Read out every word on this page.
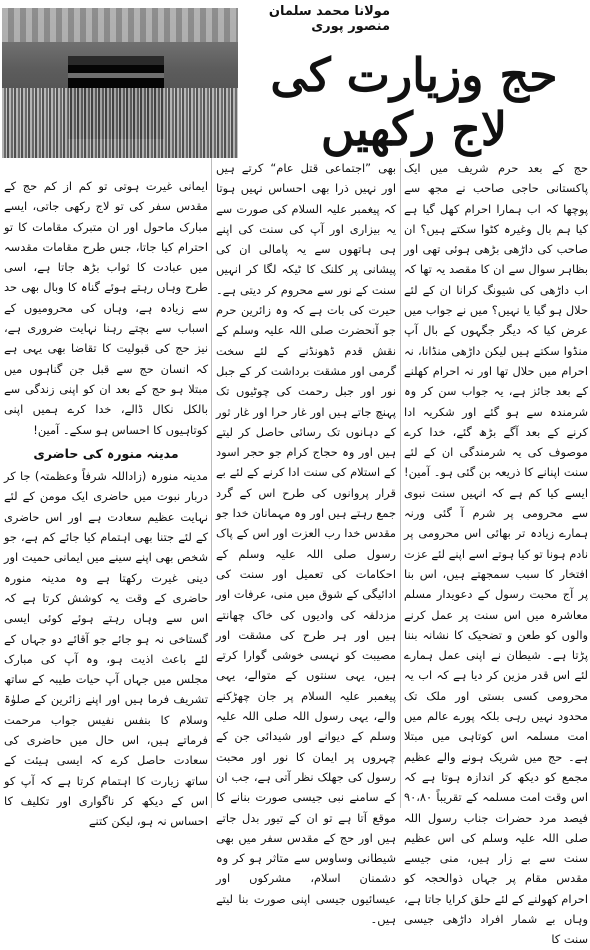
مولانا محمد سلمان منصور پوری
حج وزیارت کی لاج رکھیں

حج کے بعد حرم شریف میں ایک پاکستانی حاجی صاحب نے مجھ سے پوچھا کہ اب ہمارا احرام کھل گیا ہے کیا ہم بال وغیرہ کٹوا سکتے ہیں؟ ان صاحب کی داڑھی بڑھی ہوئی تھی اور بظاہر سوال سے ان کا مقصد یہ تھا کہ اب داڑھی کی شیونگ کرانا ان کے لئے حلال ہو گیا یا نہیں؟ میں نے جواب میں عرض کیا کہ دیگر جگہوں کے بال آپ منڈوا سکتے ہیں لیکن داڑھی منڈانا، نہ احرام میں حلال تھا اور نہ احرام کھلنے کے بعد جائز ہے، یہ جواب سن کر وہ شرمندہ سے ہو گئے اور شکریہ ادا کرنے کے بعد آگے بڑھ گئے، خدا کرے موصوف کی یہ شرمندگی ان کے لئے سنت اپنانے کا ذریعہ بن گئی ہو۔ آمین! ایسے کیا کم ہے کہ انہیں سنت نبوی سے محرومی پر شرم آ گئی ورنہ ہمارے زیادہ تر بھائی اس محرومی پر نادم ہونا تو کیا ہوتے اسے اپنے لئے عزت افتخار کا سبب سمجھتے ہیں، اس بنا پر آج محبت رسول کے دعویدار مسلم معاشرہ میں اس سنت پر عمل کرنے والوں کو طعن و تضحیک کا نشانہ بننا پڑتا ہے۔ شیطان نے اپنی عمل ہمارے لئے اس قدر مزین کر دیا ہے کہ اب یہ محرومی کسی بستی اور ملک تک محدود نہیں رہی بلکہ پورے عالم میں امت مسلمہ اس کوتاہی میں مبتلا ہے۔ حج میں شریک ہونے والے عظیم مجمع کو دیکھ کر اندازہ ہوتا ہے کہ اس وقت امت مسلمہ کے تقریباً ۹۰،۸۰ فیصد مرد حضرات جناب رسول اللہ صلی اللہ علیہ وسلم کی اس عظیم سنت سے بے زار ہیں، منی جیسے مقدس مقام پر جہاں ذوالحجہ کو احرام کھولنے کے لئے حلق کرایا جاتا ہے، وہاں بے شمار افراد داڑھی جیسی سنت کا

بھی ”اجتماعی قتل عام“ کرتے ہیں اور نہیں ذرا بھی احساس نہیں ہوتا کہ پیغمبر علیہ السلام کی صورت سے یہ بیزاری اور آپ کی سنت کی اپنے ہی ہاتھوں سے یہ پامالی ان کی پیشانی پر کلنک کا ٹیکہ لگا کر انہیں سنت کے نور سے محروم کر دیتی ہے۔ حیرت کی بات ہے کہ وہ زائرین حرم جو آنحضرت صلی اللہ علیہ وسلم کے نقش قدم ڈھونڈنے کے لئے سخت گرمی اور مشقت برداشت کر کے جبل نور اور جبل رحمت کی چوٹیوں تک پہنچ جاتے ہیں اور غار حرا اور غار ثور کے دہانوں تک رسائی حاصل کر لیتے ہیں اور وہ حجاج کرام جو حجر اسود کے استلام کی سنت ادا کرنے کے لئے بے قرار پروانوں کی طرح اس کے گرد جمع رہتے ہیں اور وہ مہمانان خدا جو مقدس خدا رب العزت اور اس کے پاک رسول صلی اللہ علیہ وسلم کے احکامات کی تعمیل اور سنت کی ادائیگی کے شوق میں منی، عرفات اور مزدلفہ کی وادیوں کی خاک چھانتے ہیں اور ہر طرح کی مشقت اور مصیبت کو نہسی خوشی گوارا کرتے ہیں، یہی سنتوں کے متوالے، یہی پیغمبر علیہ السلام پر جان چھڑکنے والے، یہی رسول اللہ صلی اللہ علیہ وسلم کے دیوانے اور شیدائی جن کے چہروں پر ایمان کا نور اور محبت رسول کی جھلک نظر آتی ہے، جب ان کے سامنے نبی جیسی صورت بنانے کا موقع آتا ہے تو ان کے تیور بدل جاتے ہیں اور حج کے مقدس سفر میں بھی شیطانی وساوس سے متاثر ہو کر وہ دشمنان اسلام، مشرکوں اور عیسائیوں جیسی اپنی صورت بنا لیتے ہیں۔

ایمانی غیرت ہوتی تو کم از کم حج کے مقدس سفر کی تو لاج رکھی جاتی، ایسے مبارک ماحول اور ان متبرک مقامات کا تو احترام کیا جاتا، جس طرح مقامات مقدسہ میں عبادت کا ثواب بڑھ جاتا ہے، اسی طرح وہاں رہتے ہوئے گناہ کا وبال بھی حد سے زیادہ ہے، وہاں کی محرومیوں کے اسباب سے بچتے رہنا نہایت ضروری ہے، نیز حج کی قبولیت کا تقاضا بھی یہی ہے کہ انسان حج سے قبل جن گناہوں میں مبتلا ہو حج کے بعد ان کو اپنی زندگی سے بالکل نکال ڈالے، خدا کرے ہمیں اپنی کوتاہیوں کا احساس ہو سکے۔ آمین!

مدینہ منورہ کی حاضری

مدینہ منورہ (زاداللہ شرفاً وعظمتہ) جا کر دربار نبوت میں حاضری ایک مومن کے لئے نہایت عظیم سعادت ہے اور اس حاضری کے لئے جتنا بھی اہتمام کیا جائے کم ہے، جو شخص بھی اپنے سینے میں ایمانی حمیت اور دینی غیرت رکھتا ہے وہ مدینہ منورہ حاضری کے وقت یہ کوشش کرتا ہے کہ اس سے وہاں رہتے ہوئے کوئی ایسی گستاخی نہ ہو جائے جو آقائے دو جہاں کے لئے باعث اذیت ہو، وہ آپ کی مبارک مجلس میں جہاں آپ حیات طیبہ کے ساتھ تشریف فرما ہیں اور اپنے زائرین کے صلوٰۃ وسلام کا بنفس نفیس جواب مرحمت فرماتے ہیں، اس حال میں حاضری کی سعادت حاصل کرے کہ ایسی ہیئت کے ساتھ زیارت کا اہتمام کرتا ہے کہ آپ کو اس کے دیکھ کر ناگواری اور تکلیف کا احساس نہ ہو، لیکن کتنے
